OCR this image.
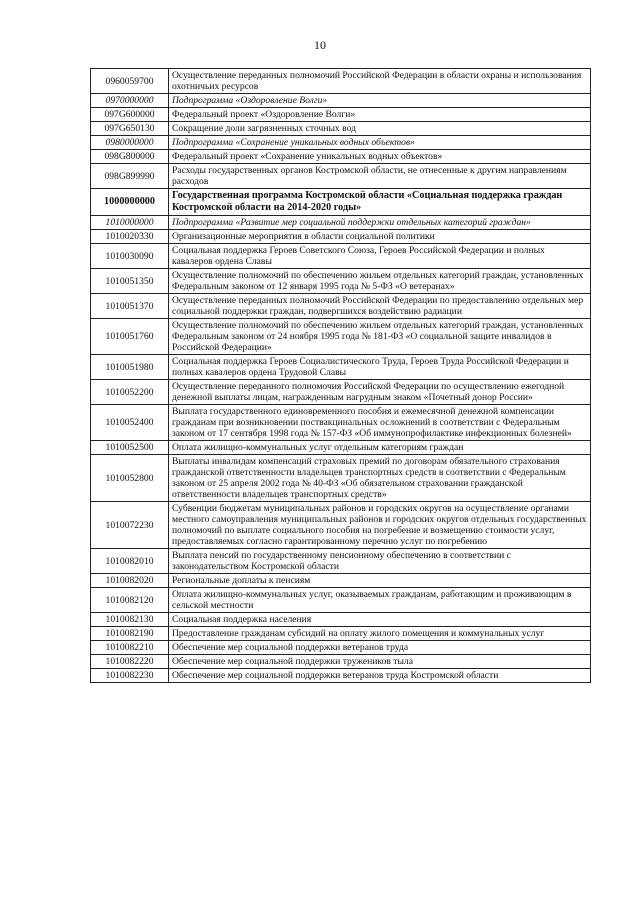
10
0960059700	Осуществление переданных полномочий Российской Федерации в области охраны и использования охотничьих ресурсов
0970000000	Подпрограмма «Оздоровление Волги»
097G600000	Федеральный проект «Оздоровление Волги»
097G650130	Сокращение доли загрязненных сточных вод
0980000000	Подпрограмма «Сохранение уникальных водных объектов»
098G800000	Федеральный проект «Сохранение уникальных водных объектов»
098G899990	Расходы государственных органов Костромской области, не отнесенные к другим направлениям расходов
1000000000	Государственная программа Костромской области «Социальная поддержка граждан Костромской области на 2014-2020 годы»
1010000000	Подпрограмма «Развитие мер социальной поддержки отдельных категорий граждан»
1010020330	Организационные мероприятия в области социальной политики
1010030090	Социальная поддержка Героев Советского Союза, Героев Российской Федерации и полных кавалеров ордена Славы
1010051350	Осуществление полномочий по обеспечению жильем отдельных категорий граждан, установленных Федеральным законом от 12 января 1995 года № 5-ФЗ «О ветеранах»
1010051370	Осуществление переданных полномочий Российской Федерации по предоставлению отдельных мер социальной поддержки граждан, подвергшихся воздействию радиации
1010051760	Осуществление полномочий по обеспечению жильем отдельных категорий граждан, установленных Федеральным законом от 24 ноября 1995 года № 181-ФЗ «О социальной защите инвалидов в Российской Федерации»
1010051980	Социальная поддержка Героев Социалистического Труда, Героев Труда Российской Федерации и полных кавалеров ордена Трудовой Славы
1010052200	Осуществление переданного полномочия Российской Федерации по осуществлению ежегодной денежной выплаты лицам, награжденным нагрудным знаком «Почетный донор России»
1010052400	Выплата государственного единовременного пособия и ежемесячной денежной компенсации гражданам при возникновении поствакцинальных осложнений в соответствии с Федеральным законом от 17 сентября 1998 года № 157-ФЗ «Об иммунопрофилактике инфекционных болезней»
1010052500	Оплата жилищно-коммунальных услуг отдельным категориям граждан
1010052800	Выплаты инвалидам компенсаций страховых премий по договорам обязательного страхования гражданской ответственности владельцев транспортных средств в соответствии с Федеральным законом от 25 апреля 2002 года № 40-ФЗ «Об обязательном страховании гражданской ответственности владельцев транспортных средств»
1010072230	Субвенции бюджетам муниципальных районов и городских округов на осуществление органами местного самоуправления муниципальных районов и городских округов отдельных государственных полномочий по выплате социального пособия на погребение и возмещению стоимости услуг, предоставляемых согласно гарантированному перечню услуг по погребению
1010082010	Выплата пенсий по государственному пенсионному обеспечению в соответствии с законодательством Костромской области
1010082020	Региональные доплаты к пенсиям
1010082120	Оплата жилищно-коммунальных услуг, оказываемых гражданам, работающим и проживающим в сельской местности
1010082130	Социальная поддержка населения
1010082190	Предоставление гражданам субсидий на оплату жилого помещения и коммунальных услуг
1010082210	Обеспечение мер социальной поддержки ветеранов труда
1010082220	Обеспечение мер социальной поддержки тружеников тыла
1010082230	Обеспечение мер социальной поддержки ветеранов труда Костромской области
